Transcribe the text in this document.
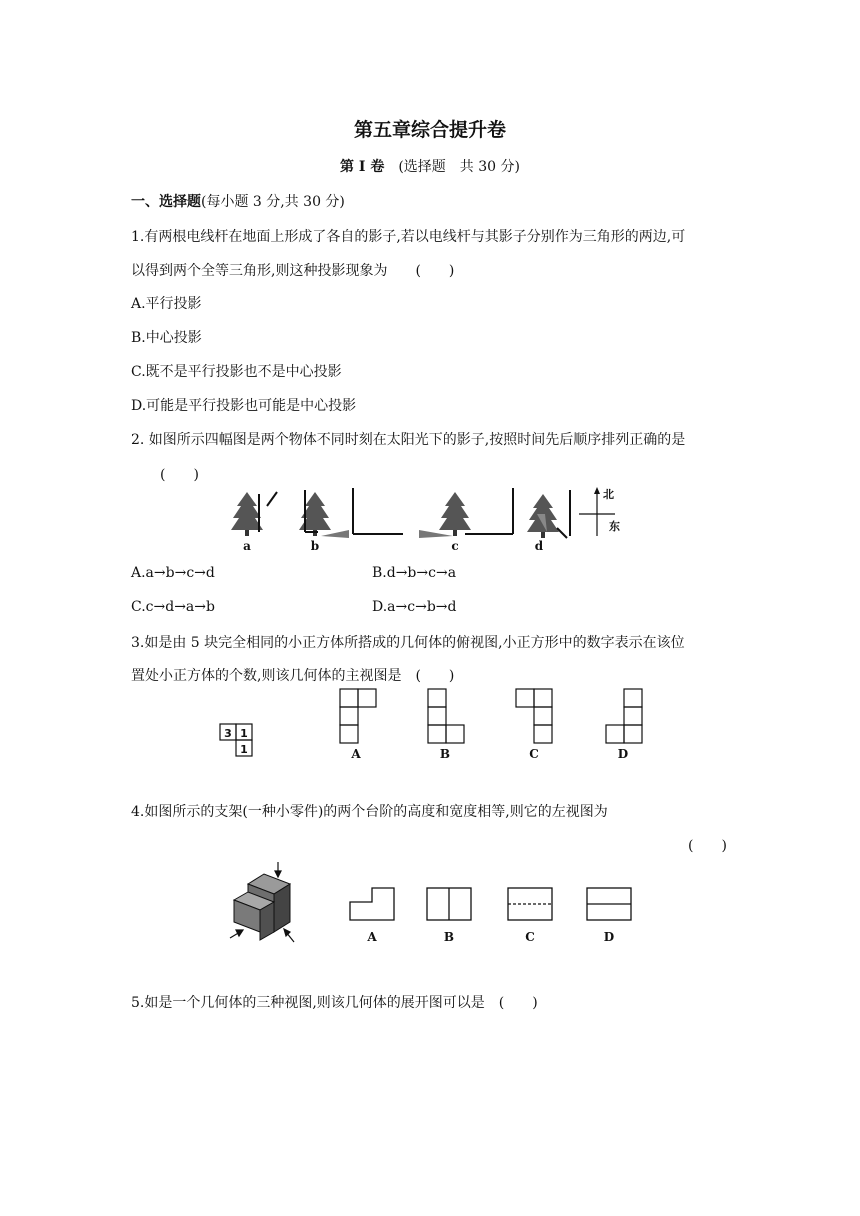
第五章综合提升卷
第 I 卷　 (选择题　共 30 分)
一、选择题(每小题 3 分,共 30 分)
1.有两根电线杆在地面上形成了各自的影子,若以电线杆与其影子分别作为三角形的两边,可
以得到两个全等三角形,则这种投影现象为　　(　　)
A.平行投影
B.中心投影
C.既不是平行投影也不是中心投影
D.可能是平行投影也可能是中心投影
2. 如图所示四幅图是两个物体不同时刻在太阳光下的影子,按照时间先后顺序排列正确的是
(　　)
a	b	c	d
北
东
A.a→b→c→d	B.d→b→c→a
C.c→d→a→b	D.a→c→b→d
3.如是由 5 块完全相同的小正方体所搭成的几何体的俯视图,小正方形中的数字表示在该位
置处小正方体的个数,则该几何体的主视图是　(　　)
3 1
1	A	B	C	D
4.如图所示的支架(一种小零件)的两个台阶的高度和宽度相等,则它的左视图为
(　　)
A	B	C	D
5.如是一个几何体的三种视图,则该几何体的展开图可以是　(　　)
